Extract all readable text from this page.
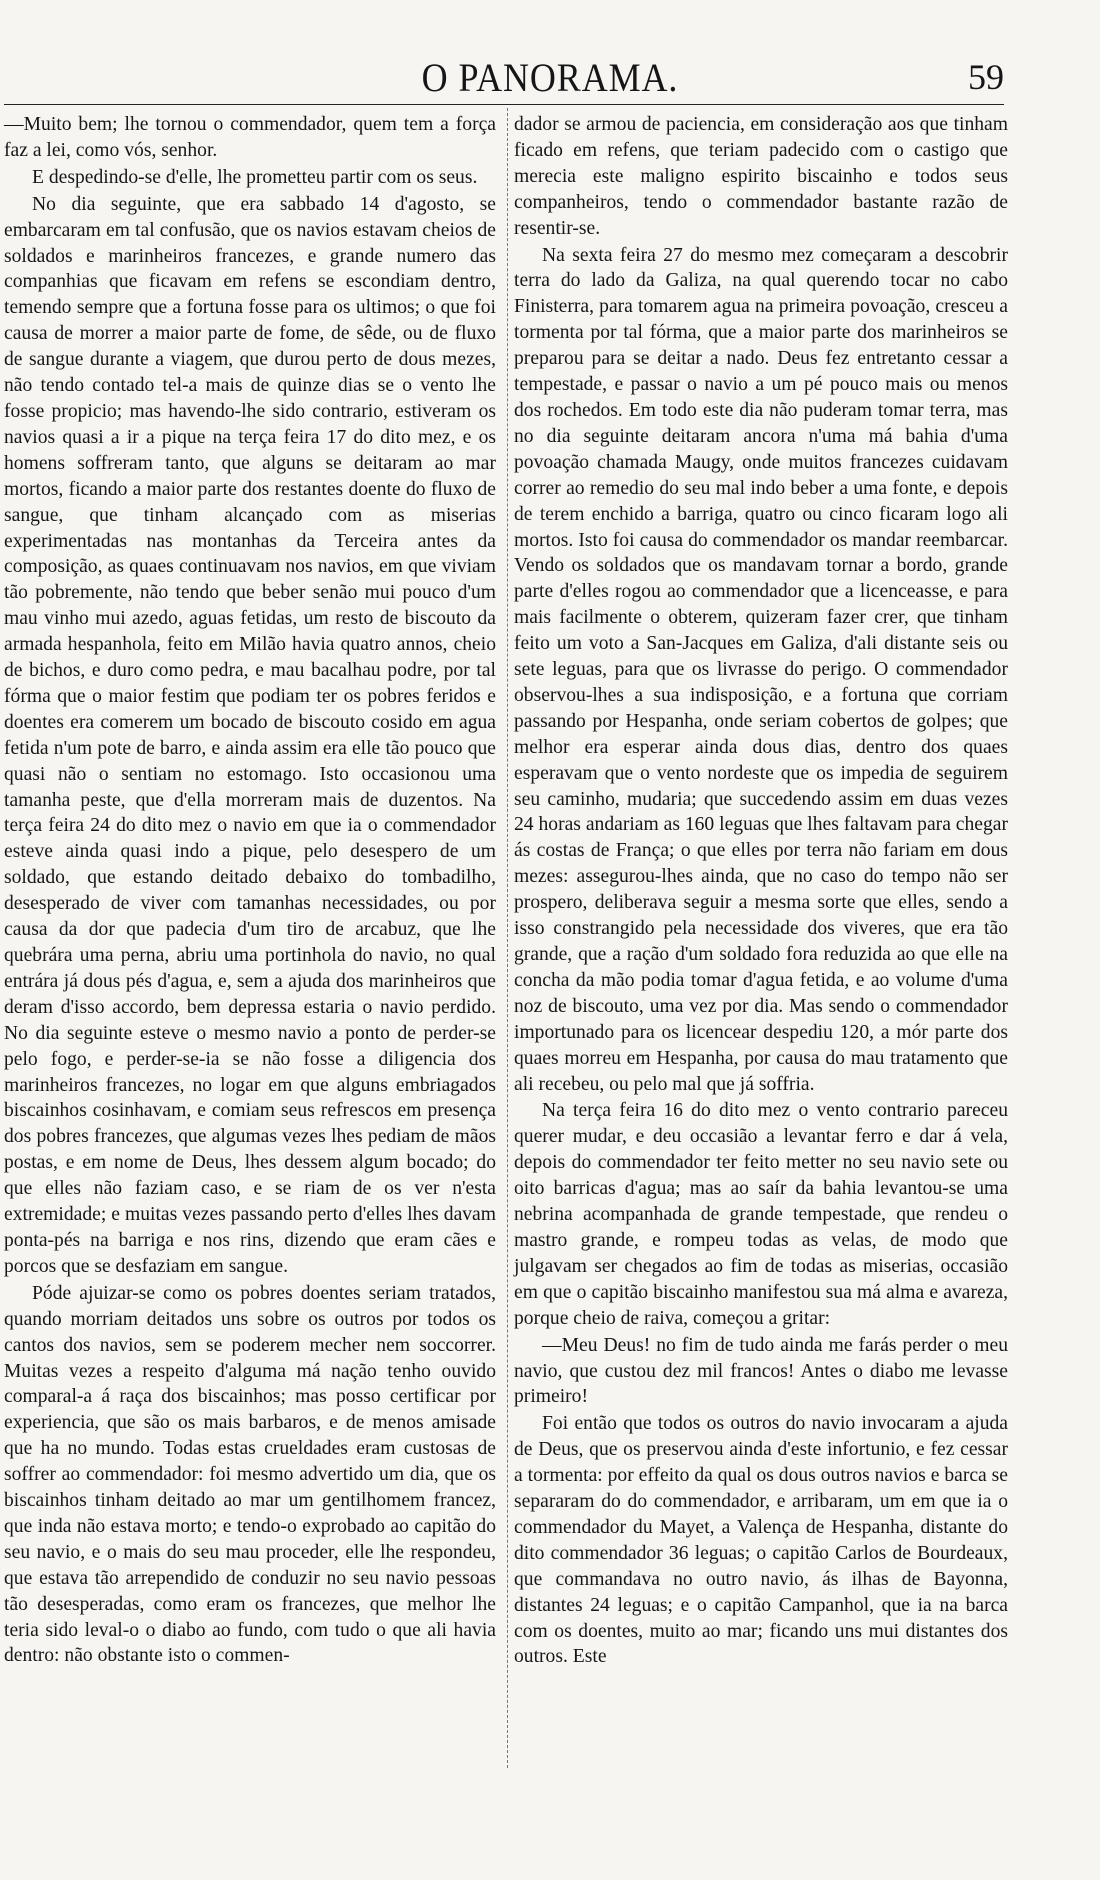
O PANORAMA.	59

—Muito bem; lhe tornou o commendador, quem tem a força faz a lei, como vós, senhor.

E despedindo-se d'elle, lhe prometteu partir com os seus.

No dia seguinte, que era sabbado 14 d'agosto, se embarcaram em tal confusão, que os navios estavam cheios de soldados e marinheiros francezes, e grande numero das companhias que ficavam em refens se escondiam dentro, temendo sempre que a fortuna fosse para os ultimos; o que foi causa de morrer a maior parte de fome, de sêde, ou de fluxo de sangue durante a viagem, que durou perto de dous mezes, não tendo contado tel-a mais de quinze dias se o vento lhe fosse propicio; mas havendo-lhe sido contrario, estiveram os navios quasi a ir a pique na terça feira 17 do dito mez, e os homens soffreram tanto, que alguns se deitaram ao mar mortos, ficando a maior parte dos restantes doente do fluxo de sangue, que tinham alcançado com as miserias experimentadas nas montanhas da Terceira antes da composição, as quaes continuavam nos navios, em que viviam tão pobremente, não tendo que beber senão mui pouco d'um mau vinho mui azedo, aguas fetidas, um resto de biscouto da armada hespanhola, feito em Milão havia quatro annos, cheio de bichos, e duro como pedra, e mau bacalhau podre, por tal fórma que o maior festim que podiam ter os pobres feridos e doentes era comerem um bocado de biscouto cosido em agua fetida n'um pote de barro, e ainda assim era elle tão pouco que quasi não o sentiam no estomago. Isto occasionou uma tamanha peste, que d'ella morreram mais de duzentos. Na terça feira 24 do dito mez o navio em que ia o commendador esteve ainda quasi indo a pique, pelo desespero de um soldado, que estando deitado debaixo do tombadilho, desesperado de viver com tamanhas necessidades, ou por causa da dor que padecia d'um tiro de arcabuz, que lhe quebrára uma perna, abriu uma portinhola do navio, no qual entrára já dous pés d'agua, e, sem a ajuda dos marinheiros que deram d'isso accordo, bem depressa estaria o navio perdido. No dia seguinte esteve o mesmo navio a ponto de perder-se pelo fogo, e perder-se-ia se não fosse a diligencia dos marinheiros francezes, no logar em que alguns embriagados biscainhos cosinhavam, e comiam seus refrescos em presença dos pobres francezes, que algumas vezes lhes pediam de mãos postas, e em nome de Deus, lhes dessem algum bocado; do que elles não faziam caso, e se riam de os ver n'esta extremidade; e muitas vezes passando perto d'elles lhes davam ponta-pés na barriga e nos rins, dizendo que eram cães e porcos que se desfaziam em sangue.

Póde ajuizar-se como os pobres doentes seriam tratados, quando morriam deitados uns sobre os outros por todos os cantos dos navios, sem se poderem mecher nem soccorrer. Muitas vezes a respeito d'alguma má nação tenho ouvido comparal-a á raça dos biscainhos; mas posso certificar por experiencia, que são os mais barbaros, e de menos amisade que ha no mundo. Todas estas crueldades eram custosas de soffrer ao commendador: foi mesmo advertido um dia, que os biscainhos tinham deitado ao mar um gentilhomem francez, que inda não estava morto; e tendo-o exprobado ao capitão do seu navio, e o mais do seu mau proceder, elle lhe respondeu, que estava tão arrependido de conduzir no seu navio pessoas tão desesperadas, como eram os francezes, que melhor lhe teria sido leval-o o diabo ao fundo, com tudo o que ali havia dentro: não obstante isto o commen-

dador se armou de paciencia, em consideração aos que tinham ficado em refens, que teriam padecido com o castigo que merecia este maligno espirito biscainho e todos seus companheiros, tendo o commendador bastante razão de resentir-se.

Na sexta feira 27 do mesmo mez começaram a descobrir terra do lado da Galiza, na qual querendo tocar no cabo Finisterra, para tomarem agua na primeira povoação, cresceu a tormenta por tal fórma, que a maior parte dos marinheiros se preparou para se deitar a nado. Deus fez entretanto cessar a tempestade, e passar o navio a um pé pouco mais ou menos dos rochedos. Em todo este dia não puderam tomar terra, mas no dia seguinte deitaram ancora n'uma má bahia d'uma povoação chamada Maugy, onde muitos francezes cuidavam correr ao remedio do seu mal indo beber a uma fonte, e depois de terem enchido a barriga, quatro ou cinco ficaram logo ali mortos. Isto foi causa do commendador os mandar reembarcar. Vendo os soldados que os mandavam tornar a bordo, grande parte d'elles rogou ao commendador que a licenceasse, e para mais facilmente o obterem, quizeram fazer crer, que tinham feito um voto a San-Jacques em Galiza, d'ali distante seis ou sete leguas, para que os livrasse do perigo. O commendador observou-lhes a sua indisposição, e a fortuna que corriam passando por Hespanha, onde seriam cobertos de golpes; que melhor era esperar ainda dous dias, dentro dos quaes esperavam que o vento nordeste que os impedia de seguirem seu caminho, mudaria; que succedendo assim em duas vezes 24 horas andariam as 160 leguas que lhes faltavam para chegar ás costas de França; o que elles por terra não fariam em dous mezes: assegurou-lhes ainda, que no caso do tempo não ser prospero, deliberava seguir a mesma sorte que elles, sendo a isso constrangido pela necessidade dos viveres, que era tão grande, que a ração d'um soldado fora reduzida ao que elle na concha da mão podia tomar d'agua fetida, e ao volume d'uma noz de biscouto, uma vez por dia. Mas sendo o commendador importunado para os licencear despediu 120, a mór parte dos quaes morreu em Hespanha, por causa do mau tratamento que ali recebeu, ou pelo mal que já soffria.

Na terça feira 16 do dito mez o vento contrario pareceu querer mudar, e deu occasião a levantar ferro e dar á vela, depois do commendador ter feito metter no seu navio sete ou oito barricas d'agua; mas ao saír da bahia levantou-se uma nebrina acompanhada de grande tempestade, que rendeu o mastro grande, e rompeu todas as velas, de modo que julgavam ser chegados ao fim de todas as miserias, occasião em que o capitão biscainho manifestou sua má alma e avareza, porque cheio de raiva, começou a gritar:

—Meu Deus! no fim de tudo ainda me farás perder o meu navio, que custou dez mil francos! Antes o diabo me levasse primeiro!

Foi então que todos os outros do navio invocaram a ajuda de Deus, que os preservou ainda d'este infortunio, e fez cessar a tormenta: por effeito da qual os dous outros navios e barca se separaram do do commendador, e arribaram, um em que ia o commendador du Mayet, a Valença de Hespanha, distante do dito commendador 36 leguas; o capitão Carlos de Bourdeaux, que commandava no outro navio, ás ilhas de Bayonna, distantes 24 leguas; e o capitão Campanhol, que ia na barca com os doentes, muito ao mar; ficando uns mui distantes dos outros. Este
